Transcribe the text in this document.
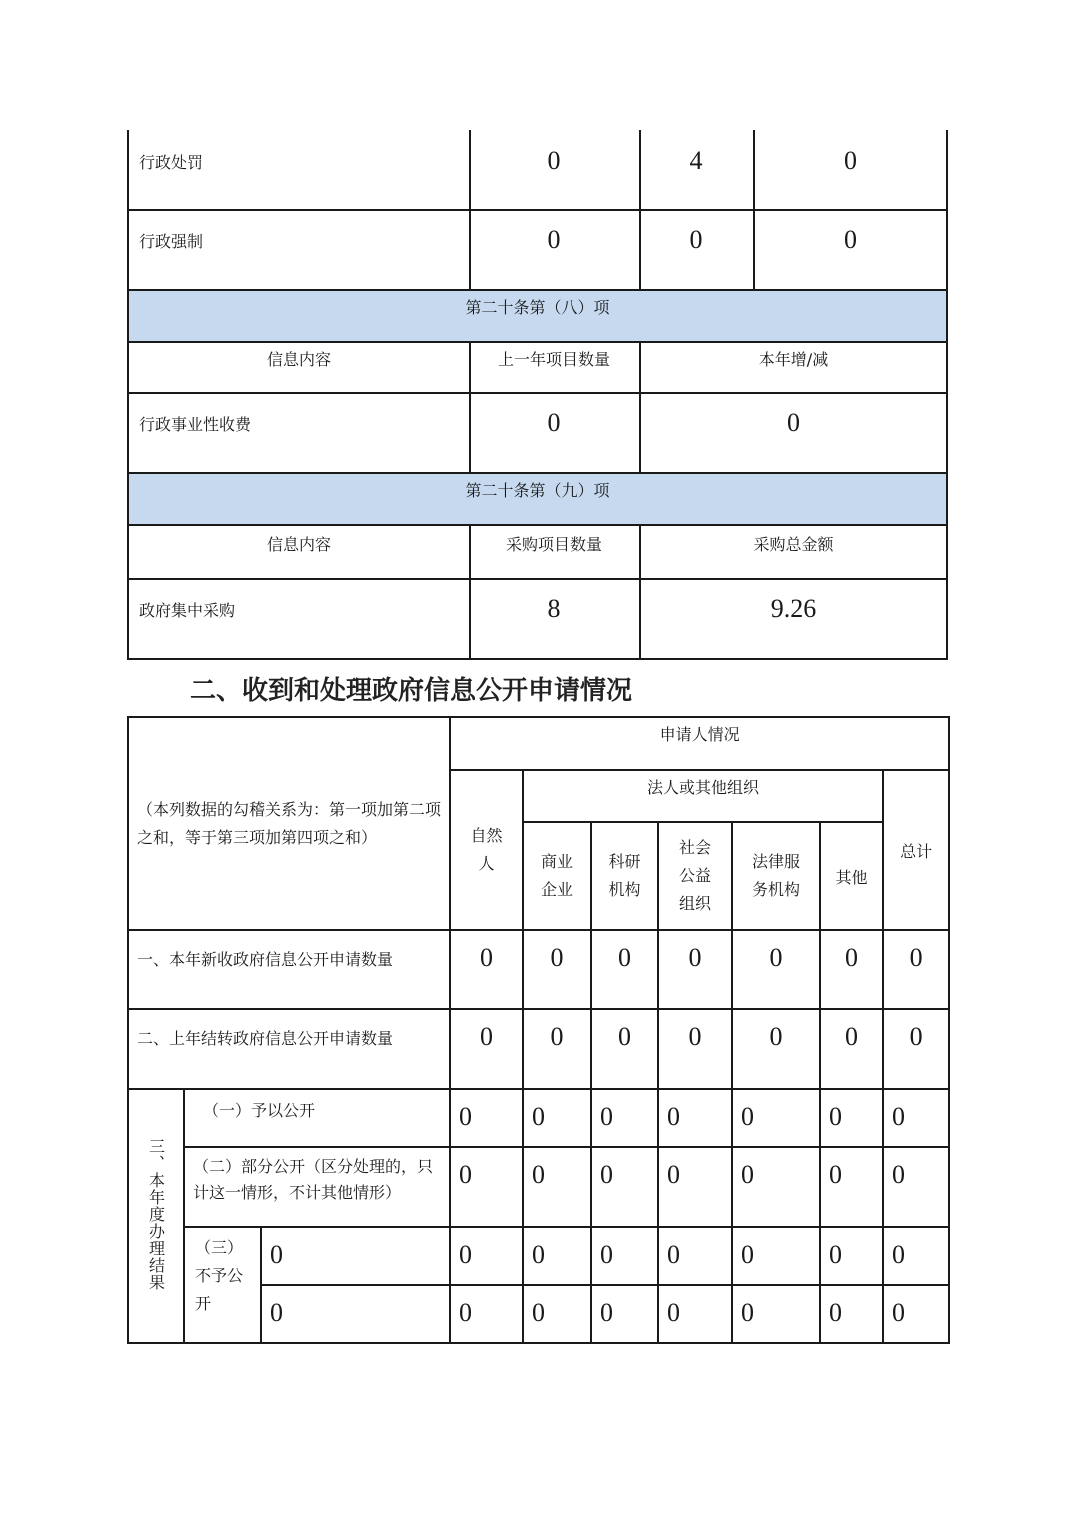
行政处罚	0	4	0
行政强制	0	0	0
第二十条第（八）项
信息内容	上一年项目数量	本年增/减
行政事业性收费	0	0
第二十条第（九）项
信息内容	采购项目数量	采购总金额
政府集中采购	8	9.26
二、收到和处理政府信息公开申请情况
（本列数据的勾稽关系为：第一项加第二项之和，等于第三项加第四项之和）			申请人情况						
			自然人	法人或其他组织					总计
				商业企业	科研机构	社会公益组织	法律服务机构	其他	
一、本年新收政府信息公开申请数量			0	0	0	0	0	0	0
二、上年结转政府信息公开申请数量			0	0	0	0	0	0	0
三、本年度办理结果	（一）予以公开		0	0	0	0	0	0	0
	（二）部分公开（区分处理的，只计这一情形，不计其他情形）		0	0	0	0	0	0	0
	（三）不予公开	0	0	0	0	0	0	0	0
		0	0	0	0	0	0	0	0
